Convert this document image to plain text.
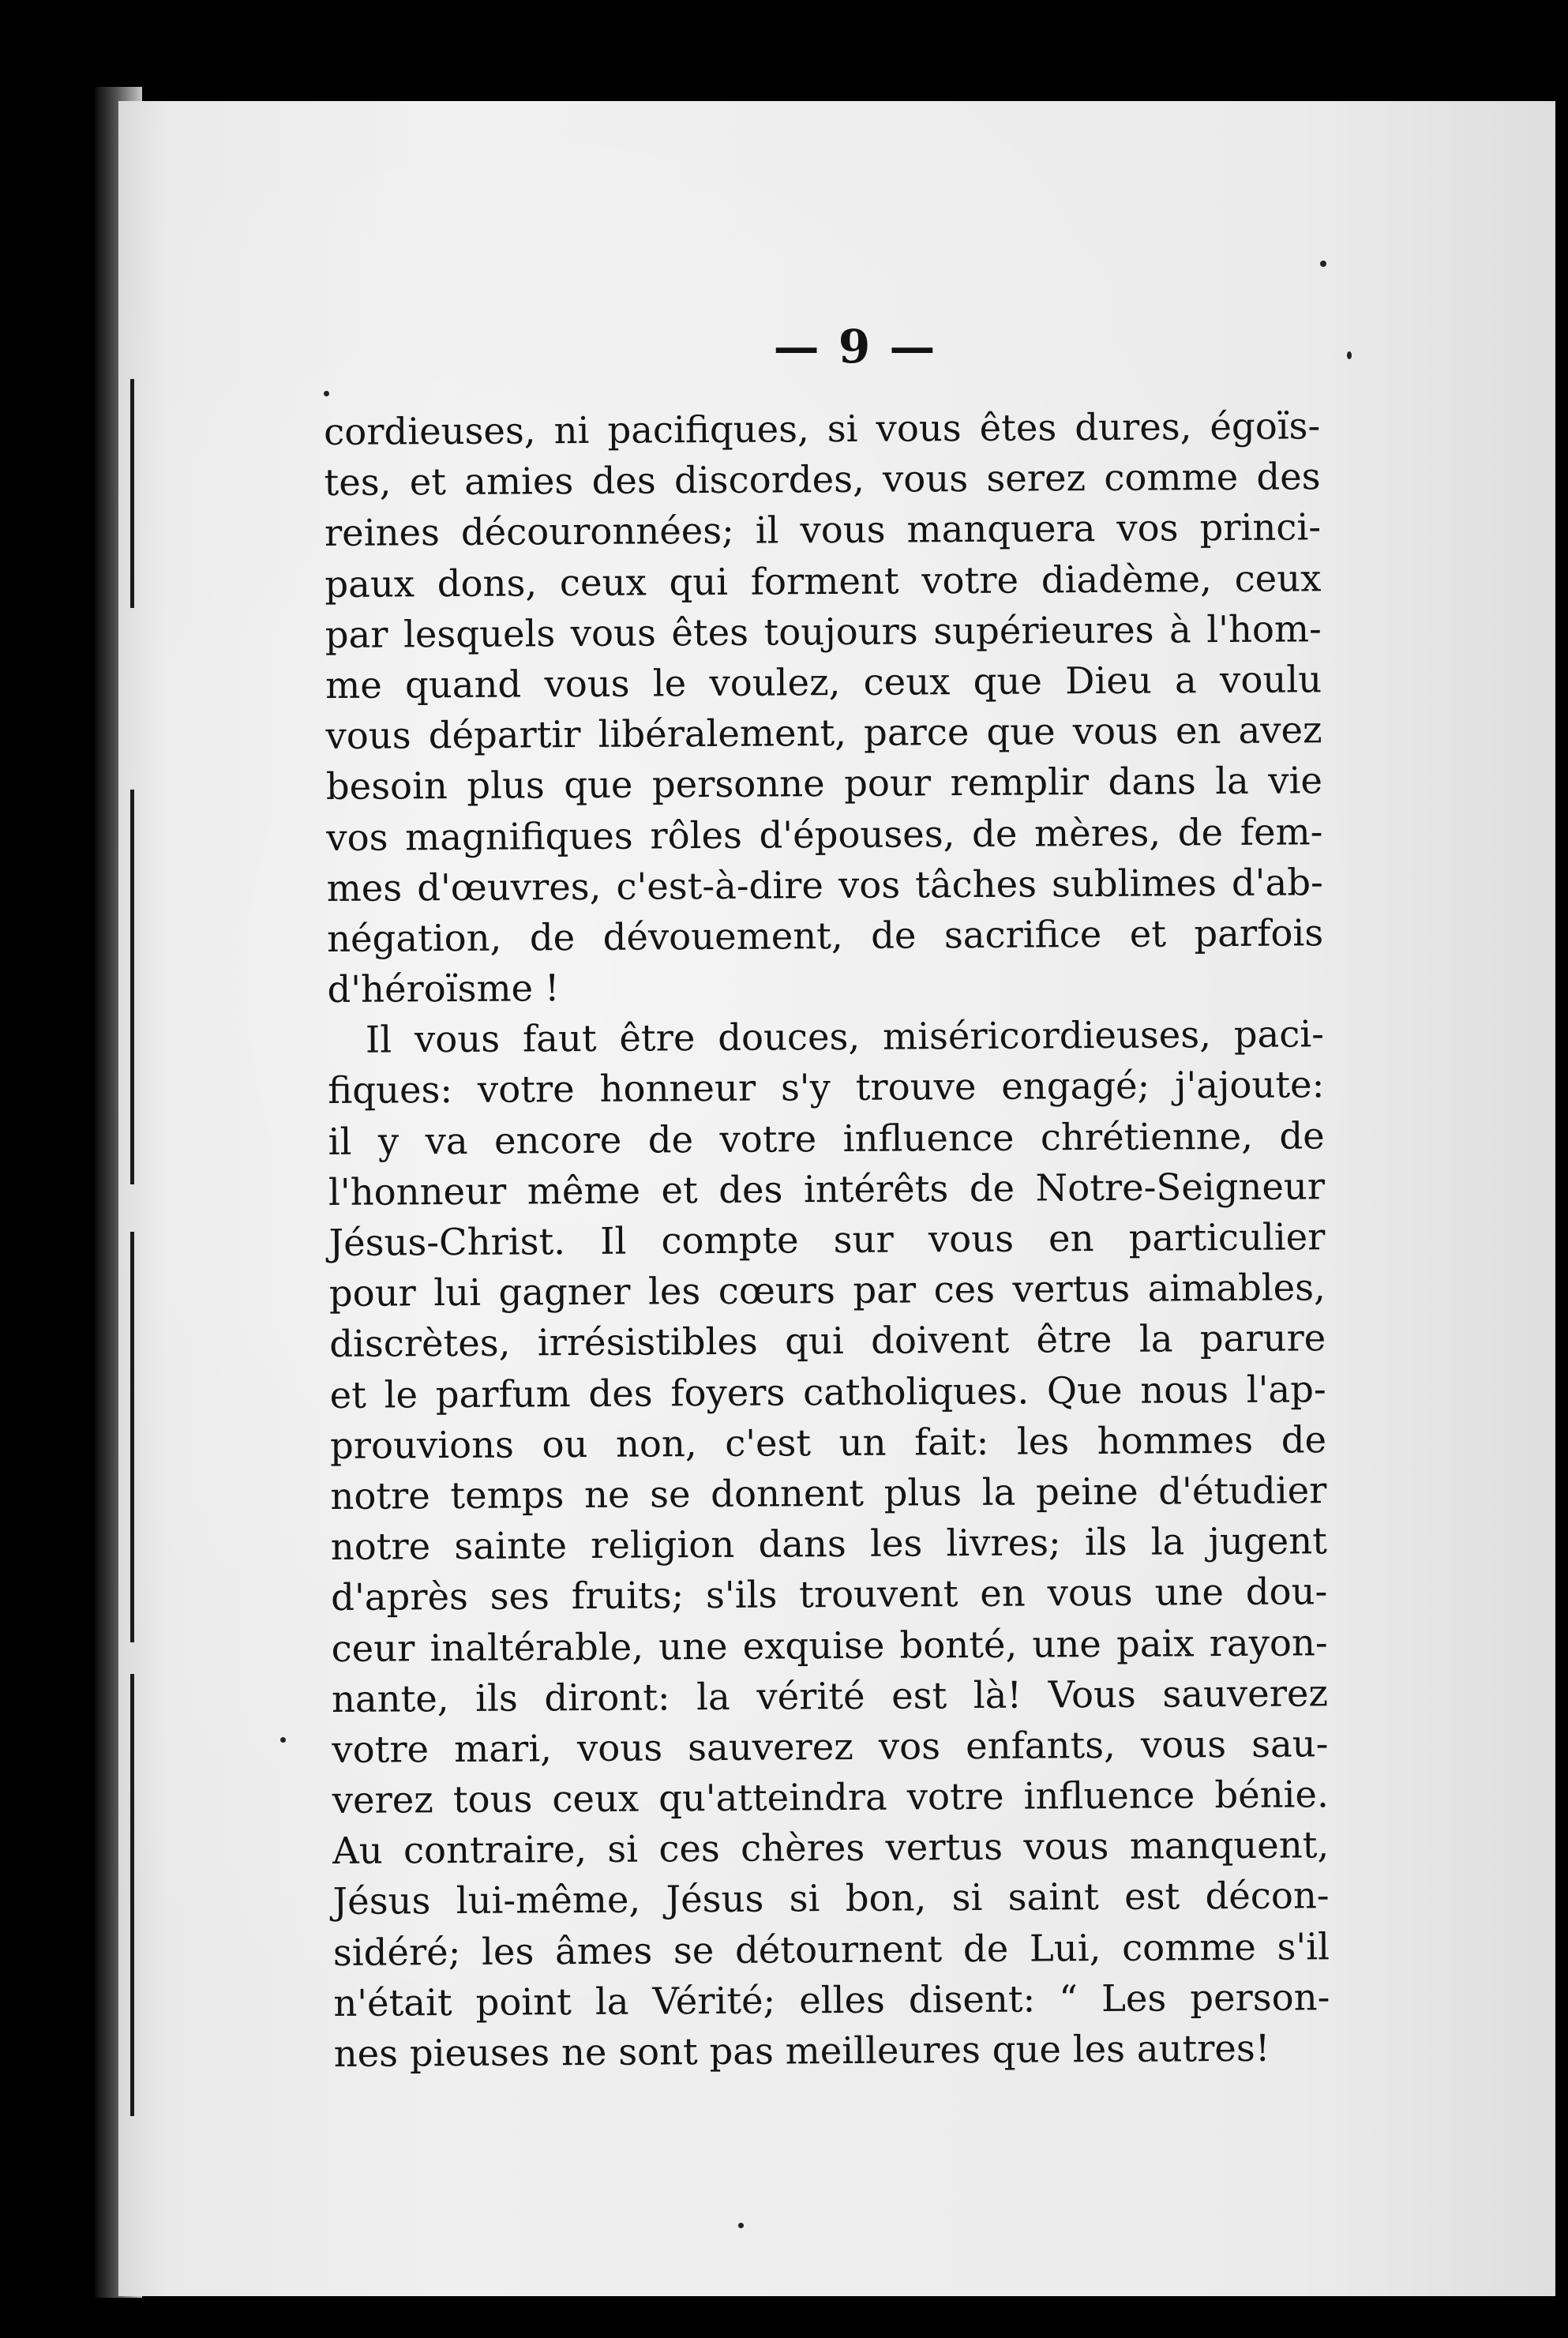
— 9 —
cordieuses, ni pacifiques, si vous êtes dures, égoïs-
tes, et amies des discordes, vous serez comme des
reines découronnées; il vous manquera vos princi-
paux dons, ceux qui forment votre diadème, ceux
par lesquels vous êtes toujours supérieures à l'hom-
me quand vous le voulez, ceux que Dieu a voulu
vous départir libéralement, parce que vous en avez
besoin plus que personne pour remplir dans la vie
vos magnifiques rôles d'épouses, de mères, de fem-
mes d'œuvres, c'est-à-dire vos tâches sublimes d'ab-
négation, de dévouement, de sacrifice et parfois
d'héroïsme !
Il vous faut être douces, miséricordieuses, paci-
fiques: votre honneur s'y trouve engagé; j'ajoute:
il y va encore de votre influence chrétienne, de
l'honneur même et des intérêts de Notre-Seigneur
Jésus-Christ. Il compte sur vous en particulier
pour lui gagner les cœurs par ces vertus aimables,
discrètes, irrésistibles qui doivent être la parure
et le parfum des foyers catholiques. Que nous l'ap-
prouvions ou non, c'est un fait: les hommes de
notre temps ne se donnent plus la peine d'étudier
notre sainte religion dans les livres; ils la jugent
d'après ses fruits; s'ils trouvent en vous une dou-
ceur inaltérable, une exquise bonté, une paix rayon-
nante, ils diront: la vérité est là! Vous sauverez
votre mari, vous sauverez vos enfants, vous sau-
verez tous ceux qu'atteindra votre influence bénie.
Au contraire, si ces chères vertus vous manquent,
Jésus lui-même, Jésus si bon, si saint est décon-
sidéré; les âmes se détournent de Lui, comme s'il
n'était point la Vérité; elles disent: “ Les person-
nes pieuses ne sont pas meilleures que les autres!
